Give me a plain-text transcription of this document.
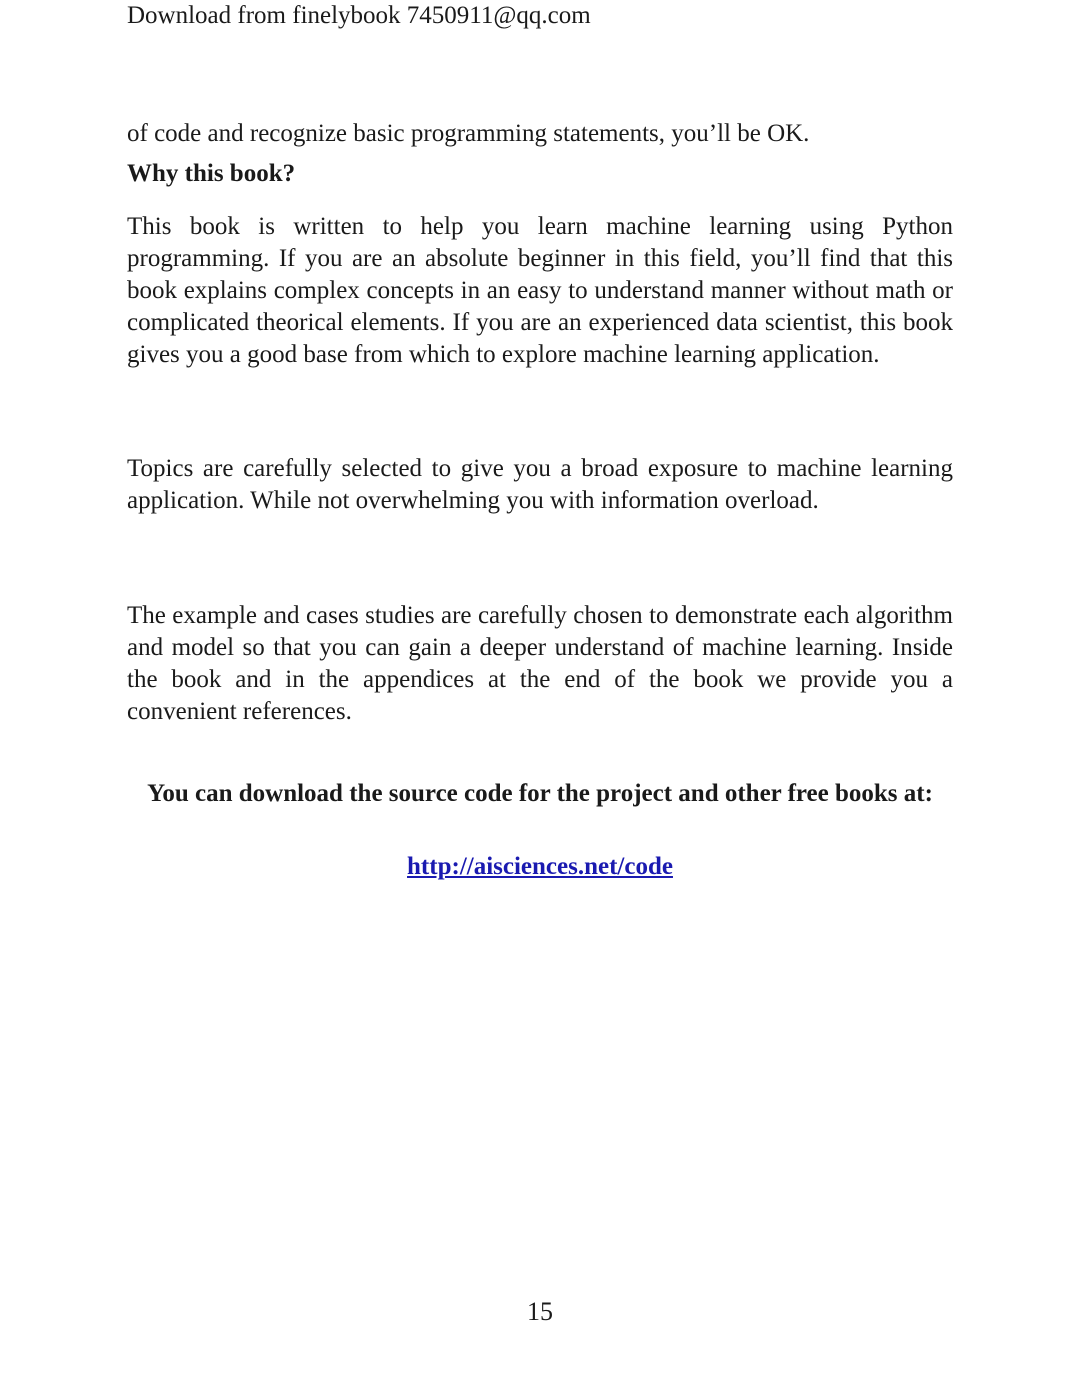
Download from finelybook 7450911@qq.com

of code and recognize basic programming statements, you’ll be OK.

Why this book?

This book is written to help you learn machine learning using Python programming. If you are an absolute beginner in this field, you’ll find that this book explains complex concepts in an easy to understand manner without math or complicated theorical elements. If you are an experienced data scientist, this book gives you a good base from which to explore machine learning application.

Topics are carefully selected to give you a broad exposure to machine learning application. While not overwhelming you with information overload.

The example and cases studies are carefully chosen to demonstrate each algorithm and model so that you can gain a deeper understand of machine learning. Inside the book and in the appendices at the end of the book we provide you a convenient references.

You can download the source code for the project and other free books at:

http://aisciences.net/code
15
